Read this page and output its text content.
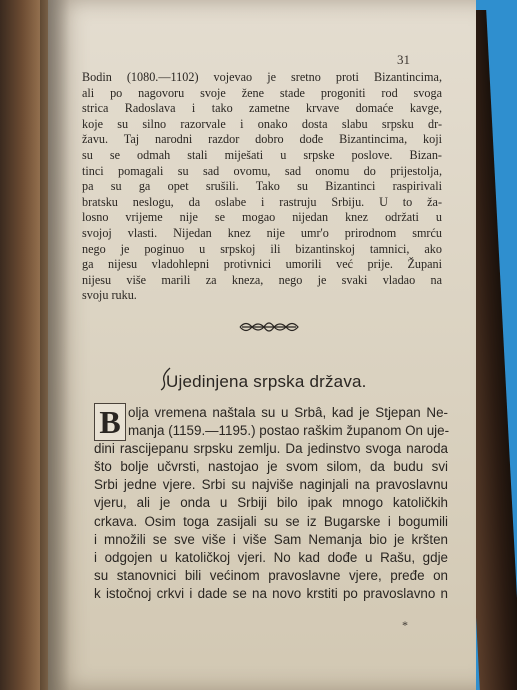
31
Bodin (1080.—1102) vojevao je sretno proti Bizantincima,
ali po nagovoru svoje žene stade progoniti rod svoga
strica Radoslava i tako zametne krvave domaće kavge,
koje su silno razorvale i onako dosta slabu srpsku dr-
žavu. Taj narodni razdor dobro dođe Bizantincima, koji
su se odmah stali miješati u srpske poslove. Bizan-
tinci pomagali su sad ovomu, sad onomu do prijestolja,
pa su ga opet srušili. Tako su Bizantinci raspirivali
bratsku neslogu, da oslabe i rastruju Srbiju. U to ža-
losno vrijeme nije se mogao nijedan knez održati u
svojoj vlasti. Nijedan knez nije umr'o prirodnom smrću
nego je poginuo u srpskoj ili bizantinskoj tamnici, ako
ga nijesu vladohlepni protivnici umorili već prije. Župani
nijesu više marili za kneza, nego je svaki vladao na
svoju ruku.
Ujedinjena srpska država.
B olja vremena naštala su u Srbâ, kad je Stjepan Ne-
manja (1159.—1195.) postao raškim županom On uje-
dini rascijepanu srpsku zemlju. Da jedinstvo svoga naroda
što bolje učvrsti, nastojao je svom silom, da budu svi
Srbi jedne vjere. Srbi su najviše naginjali na pravoslavnu
vjeru, ali je onda u Srbiji bilo ipak mnogo katoličkih
crkava. Osim toga zasijali su se iz Bugarske i bogumili
i množili se sve više i više Sam Nemanja bio je kršten
i odgojen u katoličkoj vjeri. No kad dođe u Rašu, gdje
su stanovnici bili većinom pravoslavne vjere, pređe on
k istočnoj crkvi i dade se na novo krstiti po pravoslavno n
*
